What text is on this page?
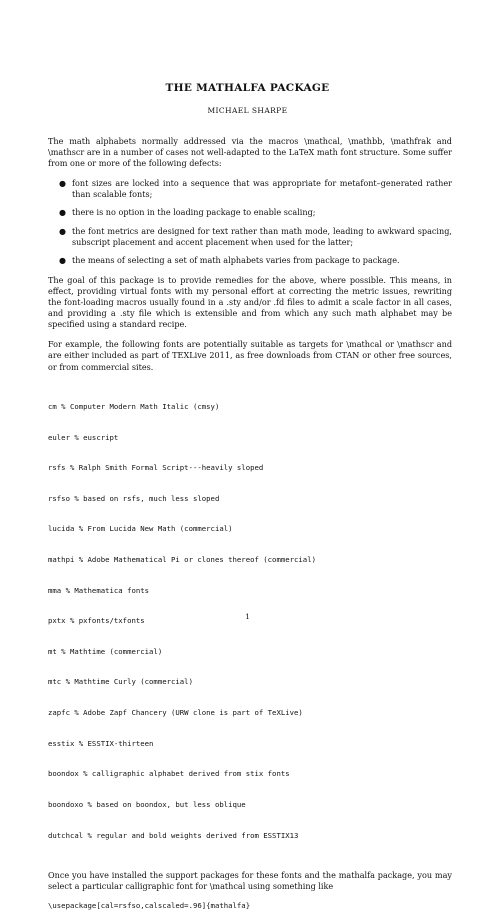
THE MATHALFA PACKAGE
MICHAEL SHARPE

The math alphabets normally addressed via the macros \mathcal, \mathbb, \mathfrak and \mathscr are in a number of cases not well-adapted to the LaTeX math font structure. Some suffer from one or more of the following defects:

● font sizes are locked into a sequence that was appropriate for metafont–generated rather than scalable fonts;
● there is no option in the loading package to enable scaling;
● the font metrics are designed for text rather than math mode, leading to awkward spacing, subscript placement and accent placement when used for the latter;
● the means of selecting a set of math alphabets varies from package to package.

The goal of this package is to provide remedies for the above, where possible. This means, in effect, providing virtual fonts with my personal effort at correcting the metric issues, rewriting the font-loading macros usually found in a .sty and/or .fd files to admit a scale factor in all cases, and providing a .sty file which is extensible and from which any such math alphabet may be specified using a standard recipe.

For example, the following fonts are potentially suitable as targets for \mathcal or \mathscr and are either included as part of TEXLive 2011, as free downloads from CTAN or other free sources, or from commercial sites.

cm % Computer Modern Math Italic (cmsy)

euler % euscript

rsfs % Ralph Smith Formal Script---heavily sloped

rsfso % based on rsfs, much less sloped

lucida % From Lucida New Math (commercial)

mathpi % Adobe Mathematical Pi or clones thereof (commercial)

mma % Mathematica fonts

pxtx % pxfonts/txfonts

mt % Mathtime (commercial)

mtc % Mathtime Curly (commercial)

zapfc % Adobe Zapf Chancery (URW clone is part of TeXLive)

esstix % ESSTIX-thirteen

boondox % calligraphic alphabet derived from stix fonts

boondoxo % based on boondox, but less oblique

dutchcal % regular and bold weights derived from ESSTIX13

Once you have installed the support packages for these fonts and the mathalfa package, you may select a particular calligraphic font for \mathcal using something like

\usepackage[cal=rsfso,calscaled=.96]{mathalfa}
1
